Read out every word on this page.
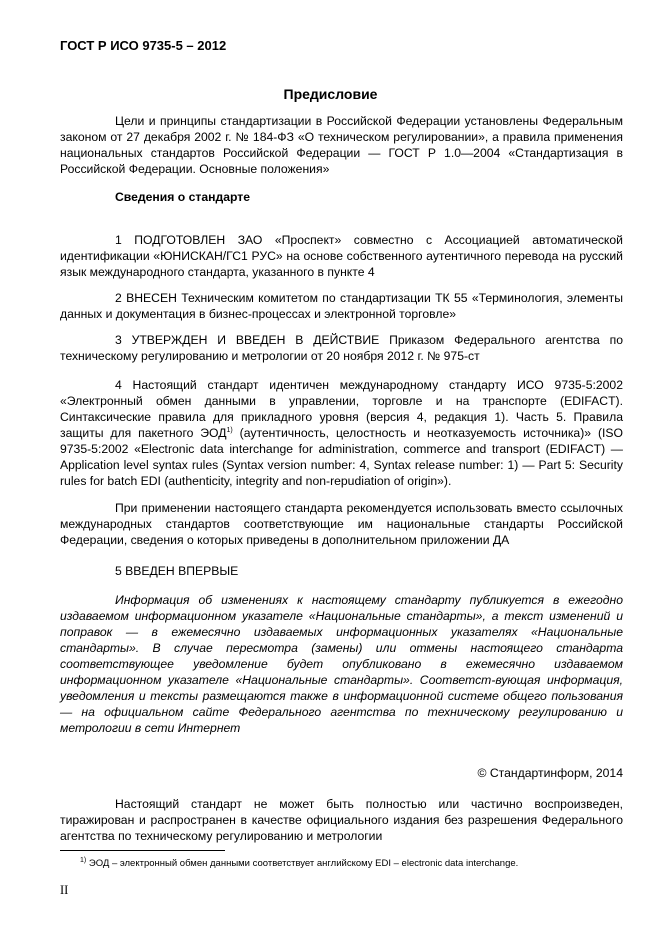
ГОСТ Р ИСО 9735-5 – 2012
Предисловие
Цели и принципы стандартизации в Российской Федерации установлены Федеральным законом от 27 декабря 2002 г. № 184-ФЗ «О техническом регулировании», а правила применения национальных стандартов Российской Федерации — ГОСТ Р 1.0—2004 «Стандартизация в Российской Федерации. Основные положения»
Сведения о стандарте
1 ПОДГОТОВЛЕН ЗАО «Проспект» совместно с Ассоциацией автоматической идентификации «ЮНИСКАН/ГС1 РУС» на основе собственного аутентичного перевода на русский язык международного стандарта, указанного в пункте 4
2 ВНЕСЕН Техническим комитетом по стандартизации ТК 55 «Терминология, элементы данных и документация в бизнес-процессах и электронной торговле»
3 УТВЕРЖДЕН И ВВЕДЕН В ДЕЙСТВИЕ Приказом Федерального агентства по техническому регулированию и метрологии от 20 ноября 2012 г. № 975-ст
4 Настоящий стандарт идентичен международному стандарту ИСО 9735-5:2002 «Электронный обмен данными в управлении, торговле и на транспорте (EDIFACT). Синтаксические правила для прикладного уровня (версия 4, редакция 1). Часть 5. Правила защиты для пакетного ЭОД$^{1)}$ (аутентичность, целостность и неотказуемость источника)» (ISO 9735-5:2002 «Electronic data interchange for administration, commerce and transport (EDIFACT) — Application level syntax rules (Syntax version number: 4, Syntax release number: 1) — Part 5: Security rules for batch EDI (authenticity, integrity and non-repudiation of origin»).
При применении настоящего стандарта рекомендуется использовать вместо ссылочных международных стандартов соответствующие им национальные стандарты Российской Федерации, сведения о которых приведены в дополнительном приложении ДА
5 ВВЕДЕН ВПЕРВЫЕ
Информация об изменениях к настоящему стандарту публикуется в ежегодно издаваемом информационном указателе «Национальные стандарты», а текст изменений и поправок — в ежемесячно издаваемых информационных указателях «Национальные стандарты». В случае пересмотра (замены) или отмены настоящего стандарта соответствующее уведомление будет опубликовано в ежемесячно издаваемом информационном указателе «Национальные стандарты». Соответст-вующая информация, уведомления и тексты размещаются также в информационной системе общего пользования — на официальном сайте Федерального агентства по техническому регулированию и метрологии в сети Интернет
© Стандартинформ, 2014
Настоящий стандарт не может быть полностью или частично воспроизведен, тиражирован и распространен в качестве официального издания без разрешения Федерального агентства по техническому регулированию и метрологии
$^{1)}$ ЭОД – электронный обмен данными соответствует английскому EDI – electronic data interchange.
II
